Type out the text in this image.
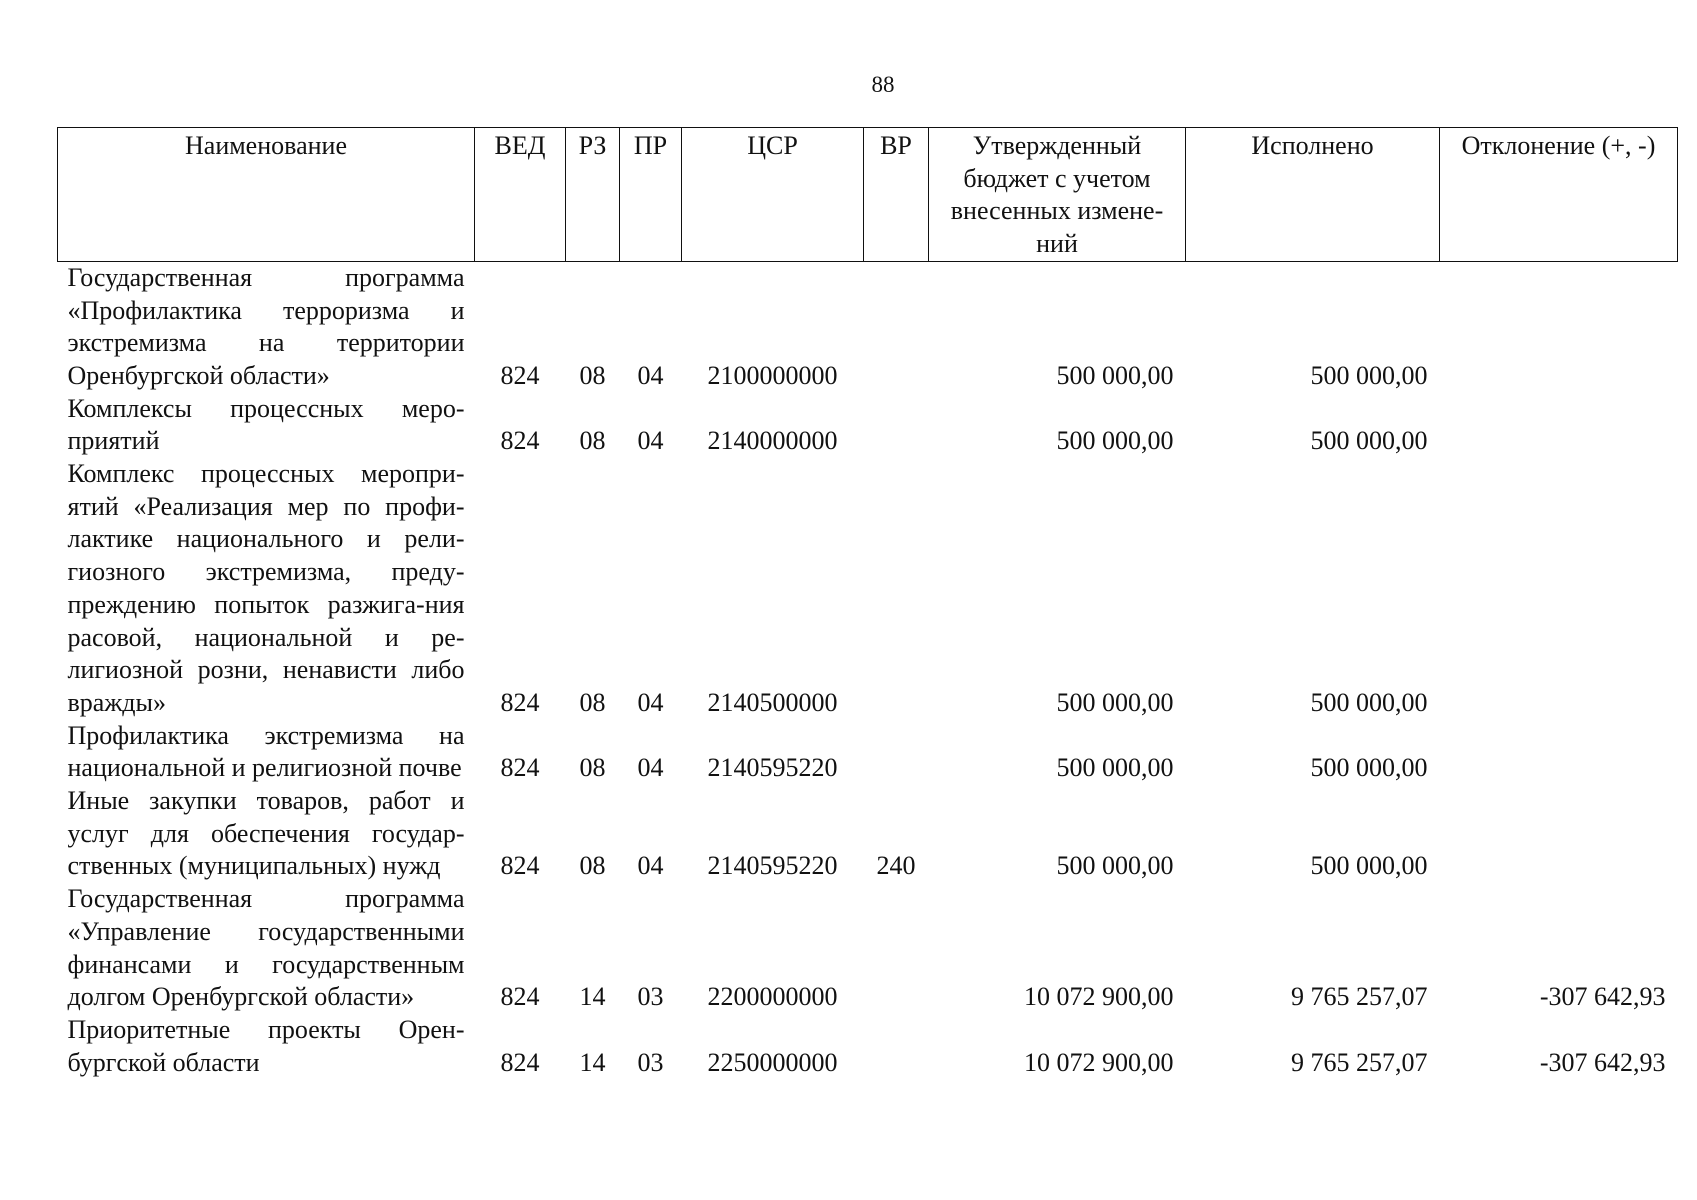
88
Наименование	ВЕД	РЗ	ПР	ЦСР	ВР	Утвержденный бюджет с учетом внесенных измене-ний	Исполнено	Отклонение (+, -)
Государственная программа «Профилактика терроризма и экстремизма на территории Оренбургской области»	824	08	04	2100000000		500 000,00	500 000,00	
Комплексы процессных меро-приятий	824	08	04	2140000000		500 000,00	500 000,00	
Комплекс процессных меропри-ятий «Реализация мер по профи-лактике национального и рели-гиозного экстремизма, преду-преждению попыток разжига-ния расовой, национальной и ре-лигиозной розни, ненависти либо вражды»	824	08	04	2140500000		500 000,00	500 000,00	
Профилактика экстремизма на национальной и религиозной почве	824	08	04	2140595220		500 000,00	500 000,00	
Иные закупки товаров, работ и услуг для обеспечения государ-ственных (муниципальных) нужд	824	08	04	2140595220	240	500 000,00	500 000,00	
Государственная программа «Управление государственными финансами и государственным долгом Оренбургской области»	824	14	03	2200000000		10 072 900,00	9 765 257,07	-307 642,93
Приоритетные проекты Орен-бургской области	824	14	03	2250000000		10 072 900,00	9 765 257,07	-307 642,93
